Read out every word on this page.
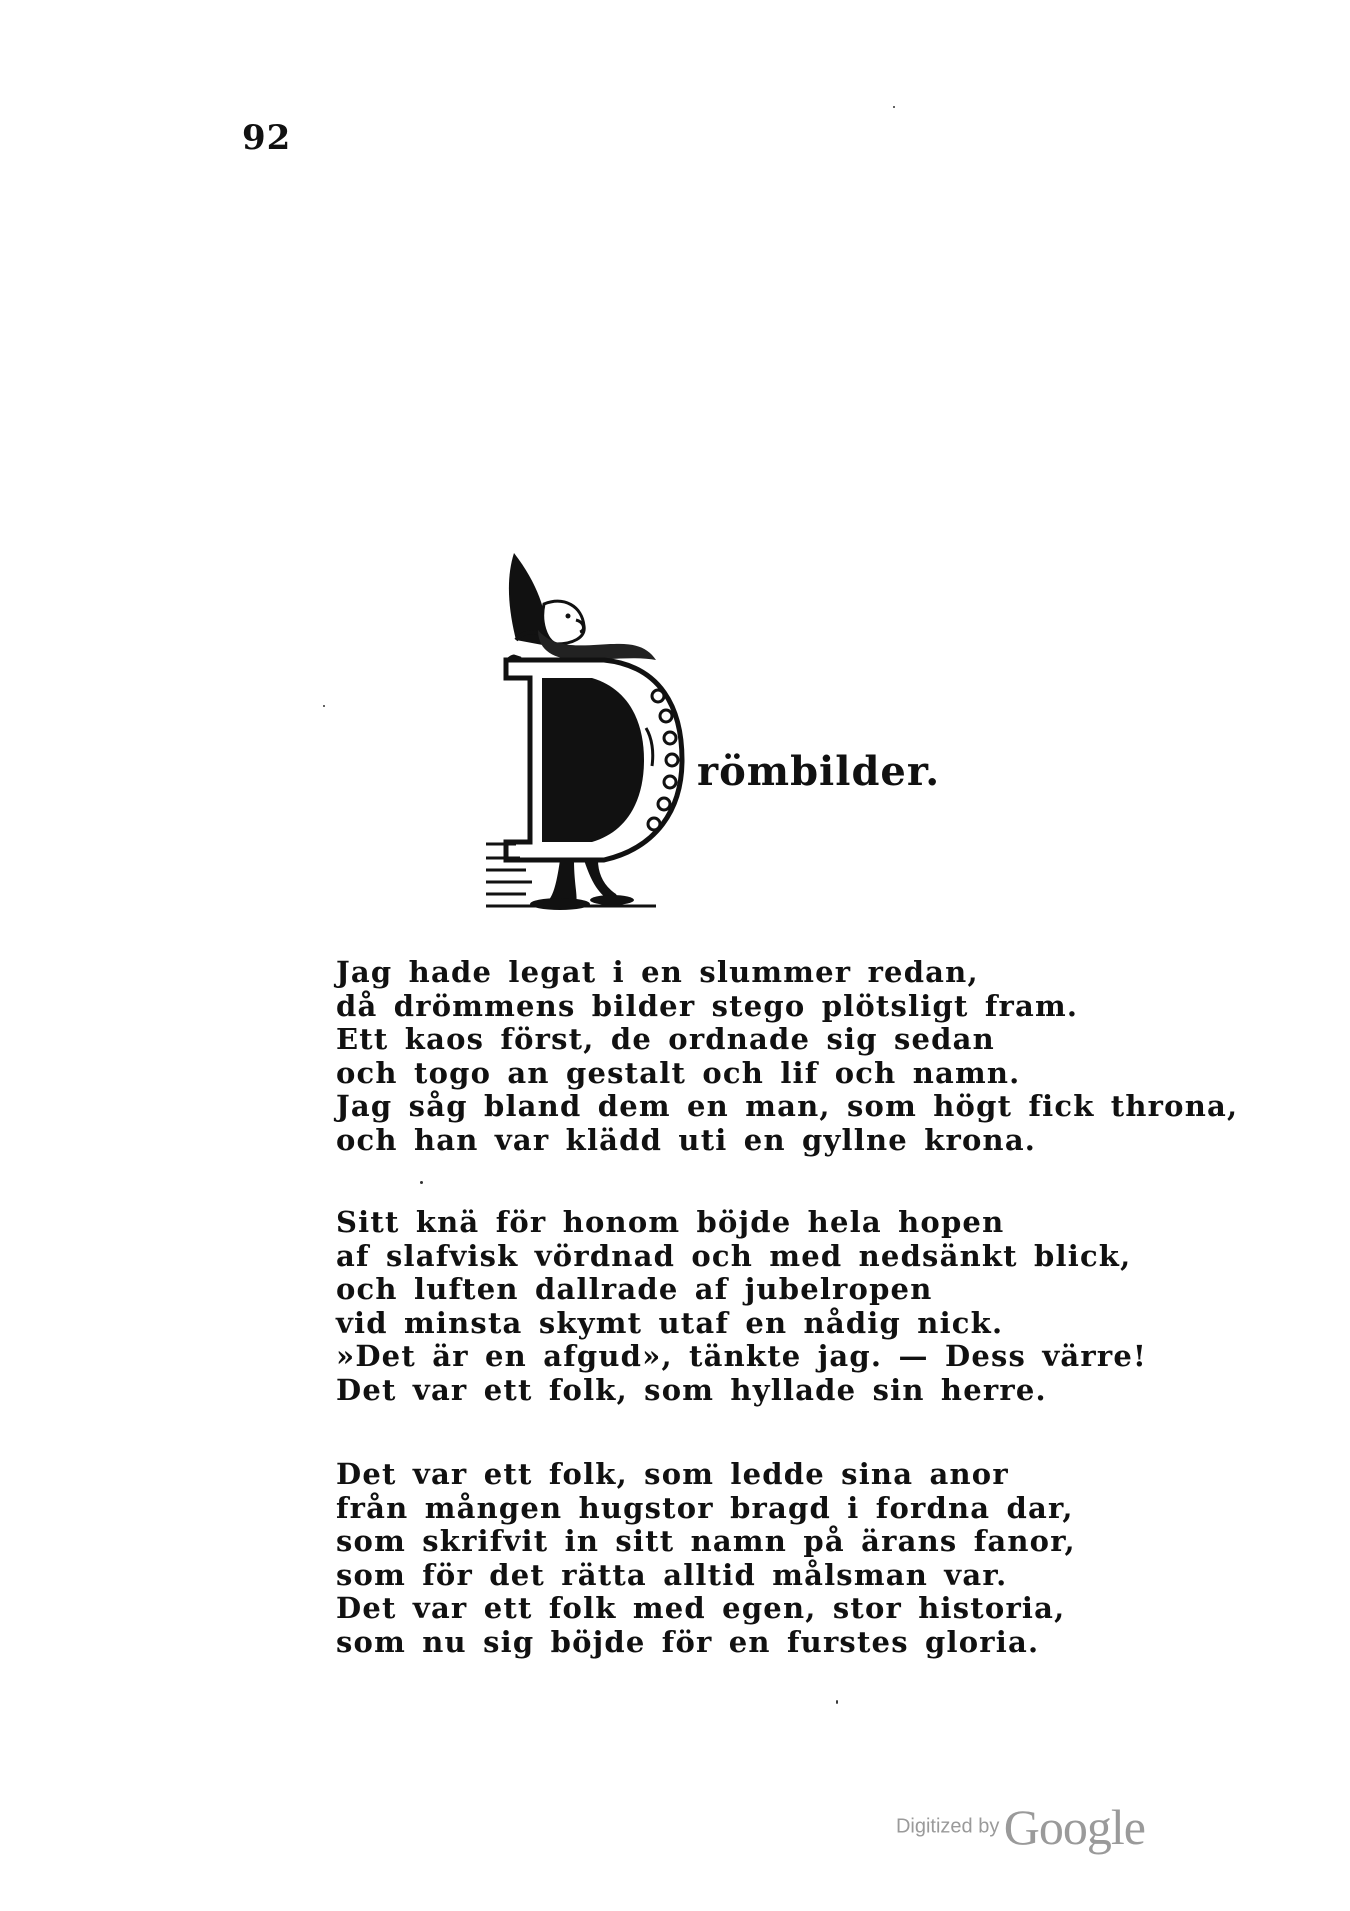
92
römbilder.
Jag hade legat i en slummer redan,
då drömmens bilder stego plötsligt fram.
Ett kaos först, de ordnade sig sedan
och togo an gestalt och lif och namn.
Jag såg bland dem en man, som högt fick throna,
och han var klädd uti en gyllne krona.
Sitt knä för honom böjde hela hopen
af slafvisk vördnad och med nedsänkt blick,
och luften dallrade af jubelropen
vid minsta skymt utaf en nådig nick.
»Det är en afgud», tänkte jag. — Dess värre!
Det var ett folk, som hyllade sin herre.
Det var ett folk, som ledde sina anor
från mången hugstor bragd i fordna dar,
som skrifvit in sitt namn på ärans fanor,
som för det rätta alltid målsman var.
Det var ett folk med egen, stor historia,
som nu sig böjde för en furstes gloria.
Digitized by Google
